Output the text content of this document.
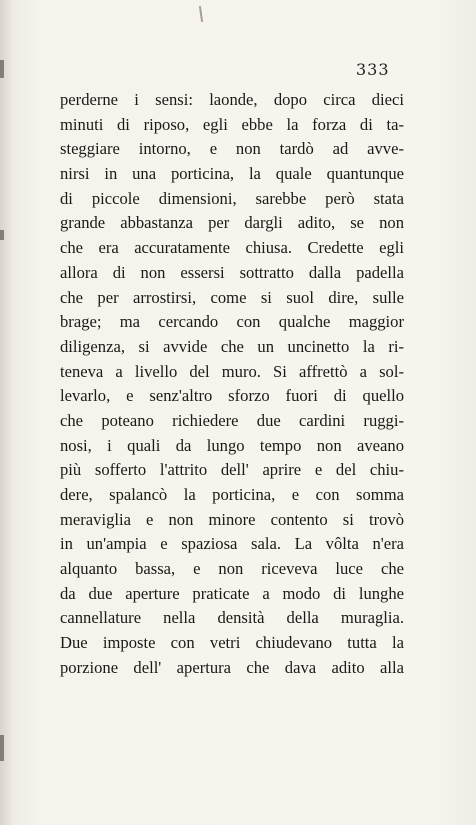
333
perderne i sensi: laonde, dopo circa dieci
minuti di riposo, egli ebbe la forza di ta-
steggiare intorno, e non tardò ad avve-
nirsi in una porticina, la quale quantunque
di piccole dimensioni, sarebbe però stata
grande abbastanza per dargli adito, se non
che era accuratamente chiusa. Credette egli
allora di non essersi sottratto dalla padella
che per arrostirsi, come si suol dire, sulle
brage; ma cercando con qualche maggior
diligenza, si avvide che un uncinetto la ri-
teneva a livello del muro. Si affrettò a sol-
levarlo, e senz'altro sforzo fuori di quello
che poteano richiedere due cardini ruggi-
nosi, i quali da lungo tempo non aveano
più sofferto l'attrito dell' aprire e del chiu-
dere, spalancò la porticina, e con somma
meraviglia e non minore contento si trovò
in un'ampia e spaziosa sala. La vôlta n'era
alquanto bassa, e non riceveva luce che
da due aperture praticate a modo di lunghe
cannellature nella densità della muraglia.
Due imposte con vetri chiudevano tutta la
porzione dell' apertura che dava adito alla
